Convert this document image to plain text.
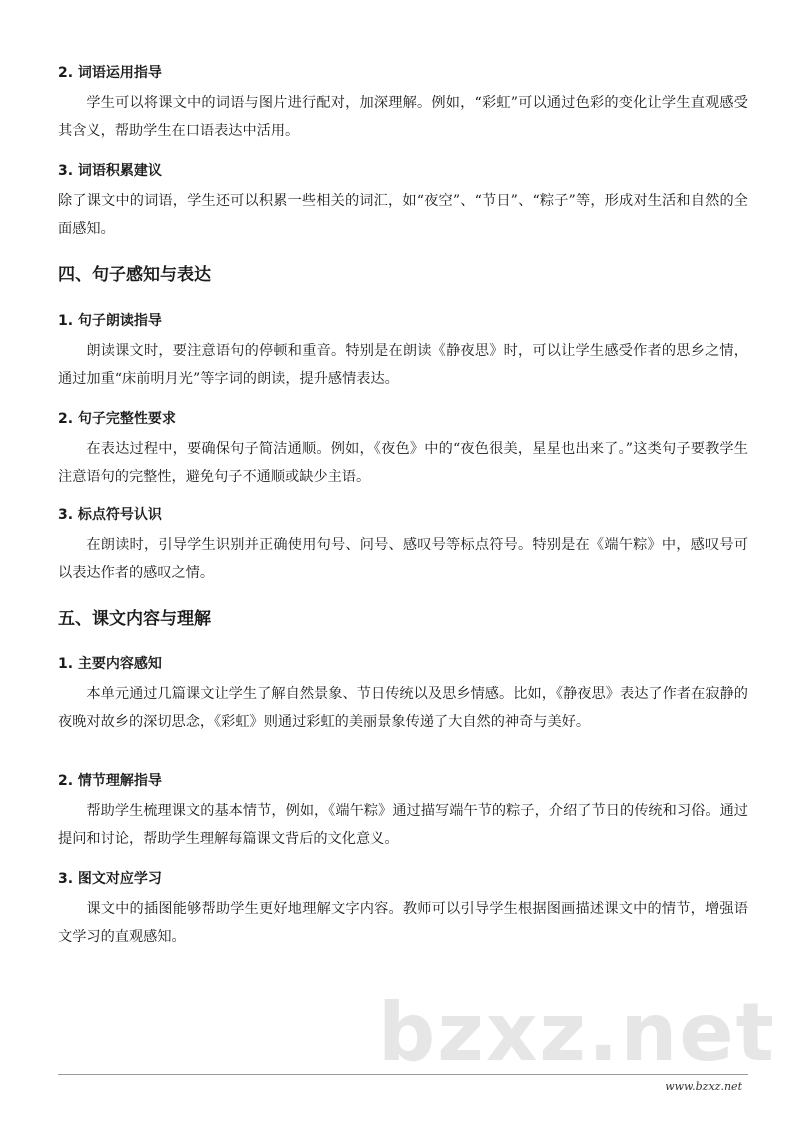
2. 词语运用指导
学生可以将课文中的词语与图片进行配对，加深理解。例如，“彩虹”可以通过色彩的变化让学生直观感受其含义，帮助学生在口语表达中活用。
3. 词语积累建议
除了课文中的词语，学生还可以积累一些相关的词汇，如“夜空”、“节日”、“粽子”等，形成对生活和自然的全面感知。
四、句子感知与表达
1. 句子朗读指导
朗读课文时，要注意语句的停顿和重音。特别是在朗读《静夜思》时，可以让学生感受作者的思乡之情，通过加重“床前明月光”等字词的朗读，提升感情表达。
2. 句子完整性要求
在表达过程中，要确保句子简洁通顺。例如，《夜色》中的“夜色很美，星星也出来了。”这类句子要教学生注意语句的完整性，避免句子不通顺或缺少主语。
3. 标点符号认识
在朗读时，引导学生识别并正确使用句号、问号、感叹号等标点符号。特别是在《端午粽》中，感叹号可以表达作者的感叹之情。
五、课文内容与理解
1. 主要内容感知
本单元通过几篇课文让学生了解自然景象、节日传统以及思乡情感。比如，《静夜思》表达了作者在寂静的夜晚对故乡的深切思念，《彩虹》则通过彩虹的美丽景象传递了大自然的神奇与美好。
2. 情节理解指导
帮助学生梳理课文的基本情节，例如，《端午粽》通过描写端午节的粽子，介绍了节日的传统和习俗。通过提问和讨论，帮助学生理解每篇课文背后的文化意义。
3. 图文对应学习
课文中的插图能够帮助学生更好地理解文字内容。教师可以引导学生根据图画描述课文中的情节，增强语文学习的直观感知。
bzxz.net
www.bzxz.net
